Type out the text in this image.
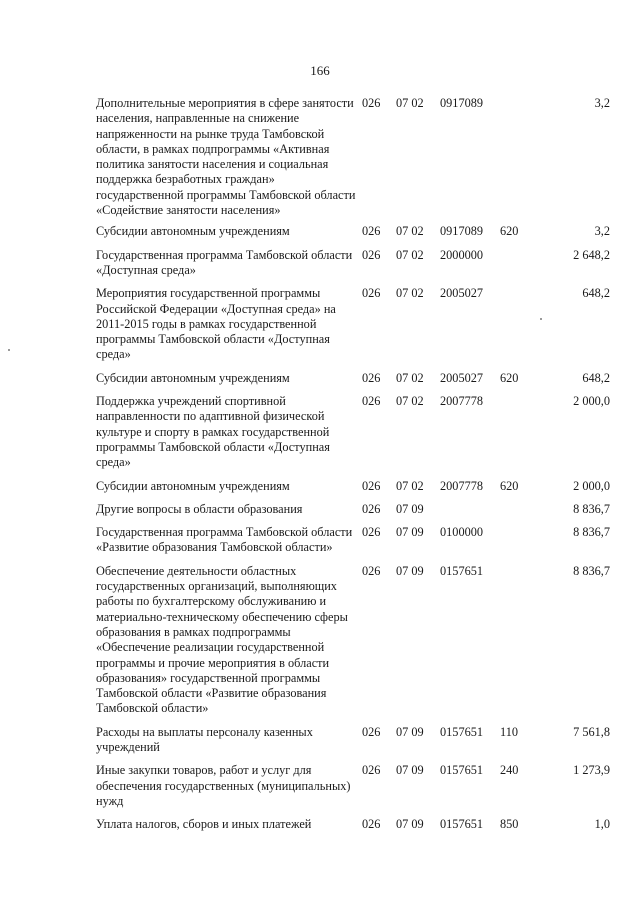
166
Дополнительные мероприятия в сфере занятости населения, направленные на снижение напряженности на рынке труда Тамбовской области, в рамках подпрограммы «Активная политика занятости населения и социальная поддержка безработных граждан» государственной программы Тамбовской области «Содействие занятости населения»	026	07 02	0917089		3,2
Субсидии автономным учреждениям	026	07 02	0917089	620	3,2
Государственная программа Тамбовской области «Доступная среда»	026	07 02	2000000		2 648,2
Мероприятия государственной программы Российской Федерации «Доступная среда» на 2011-2015 годы в рамках государственной программы Тамбовской области «Доступная среда»	026	07 02	2005027		648,2
Субсидии автономным учреждениям	026	07 02	2005027	620	648,2
Поддержка учреждений спортивной направленности по адаптивной физической культуре и спорту в рамках государственной программы Тамбовской области «Доступная среда»	026	07 02	2007778		2 000,0
Субсидии автономным учреждениям	026	07 02	2007778	620	2 000,0
Другие вопросы в области образования	026	07 09			8 836,7
Государственная программа Тамбовской области «Развитие образования Тамбовской области»	026	07 09	0100000		8 836,7
Обеспечение деятельности областных государственных организаций, выполняющих работы по бухгалтерскому обслуживанию и материально-техническому обеспечению сферы образования в рамках подпрограммы «Обеспечение реализации государственной программы и прочие мероприятия в области образования» государственной программы Тамбовской области «Развитие образования Тамбовской области»	026	07 09	0157651		8 836,7
Расходы на выплаты персоналу казенных учреждений	026	07 09	0157651	110	7 561,8
Иные закупки товаров, работ и услуг для обеспечения государственных (муниципальных) нужд	026	07 09	0157651	240	1 273,9
Уплата налогов, сборов и иных платежей	026	07 09	0157651	850	1,0
